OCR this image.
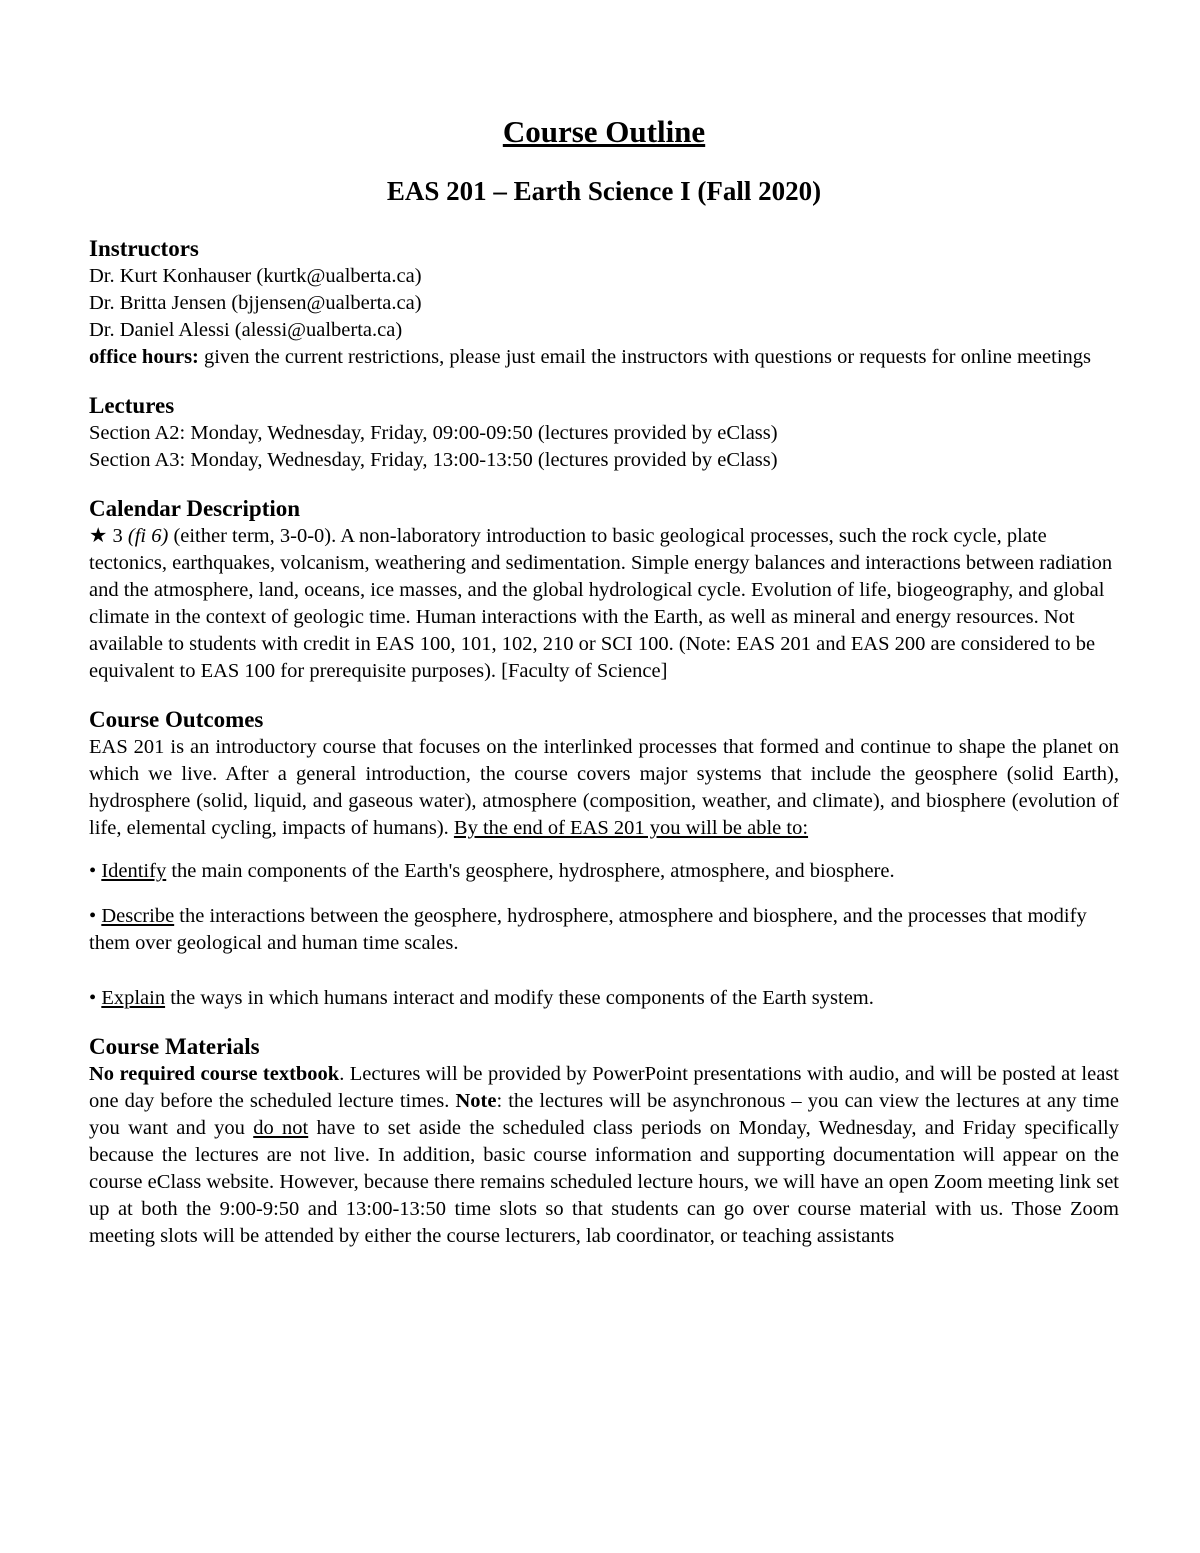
Course Outline
EAS 201 – Earth Science I (Fall 2020)
Instructors

Dr. Kurt Konhauser (kurtk@ualberta.ca)

Dr. Britta Jensen (bjjensen@ualberta.ca)

Dr. Daniel Alessi (alessi@ualberta.ca)

office hours: given the current restrictions, please just email the instructors with questions or requests for online meetings

Lectures

Section A2: Monday, Wednesday, Friday, 09:00-09:50 (lectures provided by eClass)

Section A3: Monday, Wednesday, Friday, 13:00-13:50 (lectures provided by eClass)

Calendar Description

★ 3 (fi 6) (either term, 3-0-0). A non-laboratory introduction to basic geological processes, such the rock cycle, plate tectonics, earthquakes, volcanism, weathering and sedimentation. Simple energy balances and interactions between radiation and the atmosphere, land, oceans, ice masses, and the global hydrological cycle. Evolution of life, biogeography, and global climate in the context of geologic time. Human interactions with the Earth, as well as mineral and energy resources. Not available to students with credit in EAS 100, 101, 102, 210 or SCI 100. (Note: EAS 201 and EAS 200 are considered to be equivalent to EAS 100 for prerequisite purposes). [Faculty of Science]

Course Outcomes

EAS 201 is an introductory course that focuses on the interlinked processes that formed and continue to shape the planet on which we live. After a general introduction, the course covers major systems that include the geosphere (solid Earth), hydrosphere (solid, liquid, and gaseous water), atmosphere (composition, weather, and climate), and biosphere (evolution of life, elemental cycling, impacts of humans). By the end of EAS 201 you will be able to:

• Identify the main components of the Earth's geosphere, hydrosphere, atmosphere, and biosphere.

• Describe the interactions between the geosphere, hydrosphere, atmosphere and biosphere, and the processes that modify them over geological and human time scales.

• Explain the ways in which humans interact and modify these components of the Earth system.

Course Materials

No required course textbook. Lectures will be provided by PowerPoint presentations with audio, and will be posted at least one day before the scheduled lecture times. Note: the lectures will be asynchronous – you can view the lectures at any time you want and you do not have to set aside the scheduled class periods on Monday, Wednesday, and Friday specifically because the lectures are not live. In addition, basic course information and supporting documentation will appear on the course eClass website. However, because there remains scheduled lecture hours, we will have an open Zoom meeting link set up at both the 9:00-9:50 and 13:00-13:50 time slots so that students can go over course material with us. Those Zoom meeting slots will be attended by either the course lecturers, lab coordinator, or teaching assistants
